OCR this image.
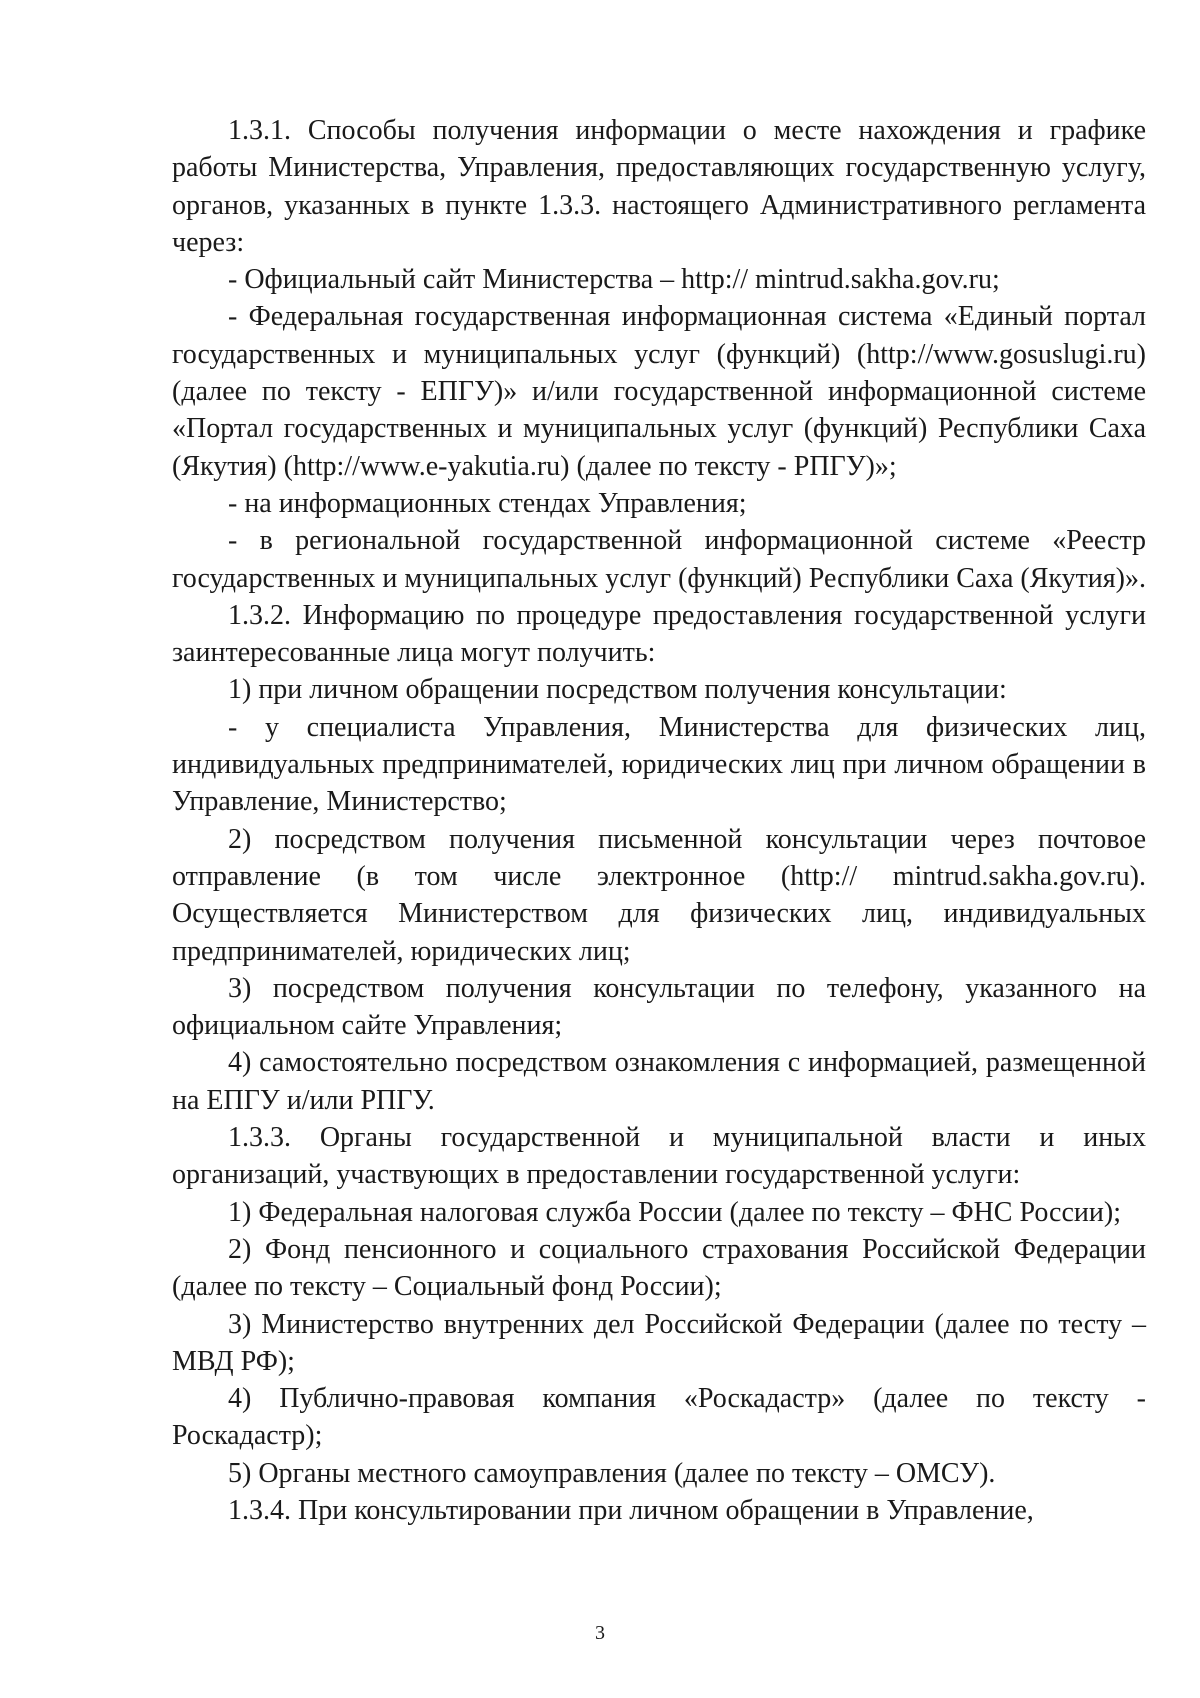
1.3.1. Способы получения информации о месте нахождения и графике работы Министерства, Управления, предоставляющих государственную услугу, органов, указанных в пункте 1.3.3. настоящего Административного регламента через:

- Официальный сайт Министерства – http:// mintrud.sakha.gov.ru;

- Федеральная государственная информационная система «Единый портал государственных и муниципальных услуг (функций) (http://www.gosuslugi.ru) (далее по тексту - ЕПГУ)» и/или государственной информационной системе «Портал государственных и муниципальных услуг (функций) Республики Саха (Якутия) (http://www.e-yakutia.ru) (далее по тексту - РПГУ)»;

- на информационных стендах Управления;

- в региональной государственной информационной системе «Реестр государственных и муниципальных услуг (функций) Республики Саха (Якутия)».

1.3.2. Информацию по процедуре предоставления государственной услуги заинтересованные лица могут получить:

1) при личном обращении посредством получения консультации:

- у специалиста Управления, Министерства для физических лиц, индивидуальных предпринимателей, юридических лиц при личном обращении в Управление, Министерство;

2) посредством получения письменной консультации через почтовое отправление (в том числе электронное (http:// mintrud.sakha.gov.ru). Осуществляется Министерством для физических лиц, индивидуальных предпринимателей, юридических лиц;

3) посредством получения консультации по телефону, указанного на официальном сайте Управления;

4) самостоятельно посредством ознакомления с информацией, размещенной на ЕПГУ и/или РПГУ.

1.3.3. Органы государственной и муниципальной власти и иных организаций, участвующих в предоставлении государственной услуги:

1) Федеральная налоговая служба России (далее по тексту – ФНС России);

2) Фонд пенсионного и социального страхования Российской Федерации (далее по тексту – Социальный фонд России);

3) Министерство внутренних дел Российской Федерации (далее по тесту – МВД РФ);

4) Публично-правовая компания «Роскадастр» (далее по тексту - Роскадастр);

5) Органы местного самоуправления (далее по тексту – ОМСУ).

1.3.4. При консультировании при личном обращении в Управление,

3
